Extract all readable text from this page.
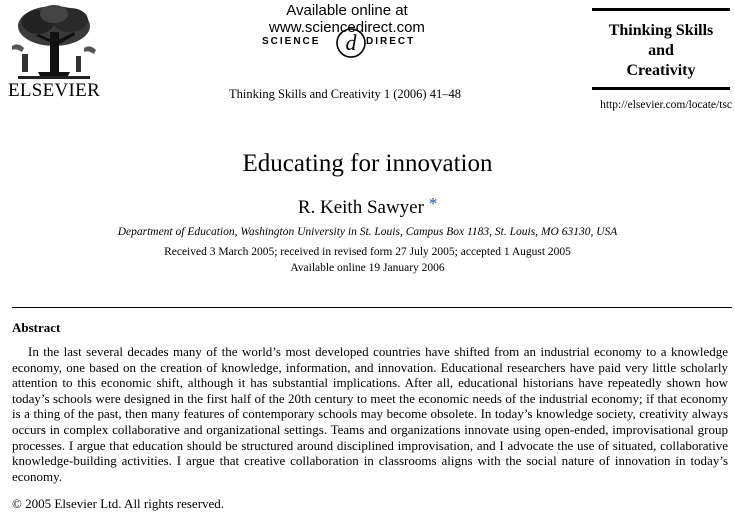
ELSEVIER
Available online at www.sciencedirect.com
SCIENCE d DIRECT
Thinking Skills and Creativity 1 (2006) 41–48
Thinking Skills
and
Creativity
http://elsevier.com/locate/tsc
Educating for innovation
R. Keith Sawyer *
Department of Education, Washington University in St. Louis, Campus Box 1183, St. Louis, MO 63130, USA
Received 3 March 2005; received in revised form 27 July 2005; accepted 1 August 2005
Available online 19 January 2006
Abstract
In the last several decades many of the world’s most developed countries have shifted from an industrial economy to a knowledge economy, one based on the creation of knowledge, information, and innovation. Educational researchers have paid very little scholarly attention to this economic shift, although it has substantial implications. After all, educational historians have repeatedly shown how today’s schools were designed in the first half of the 20th century to meet the economic needs of the industrial economy; if that economy is a thing of the past, then many features of contemporary schools may become obsolete. In today’s knowledge society, creativity always occurs in complex collaborative and organizational settings. Teams and organizations innovate using open-ended, improvisational group processes. I argue that education should be structured around disciplined improvisation, and I advocate the use of situated, collaborative knowledge-building activities. I argue that creative collaboration in classrooms aligns with the social nature of innovation in today’s economy.
© 2005 Elsevier Ltd. All rights reserved.
